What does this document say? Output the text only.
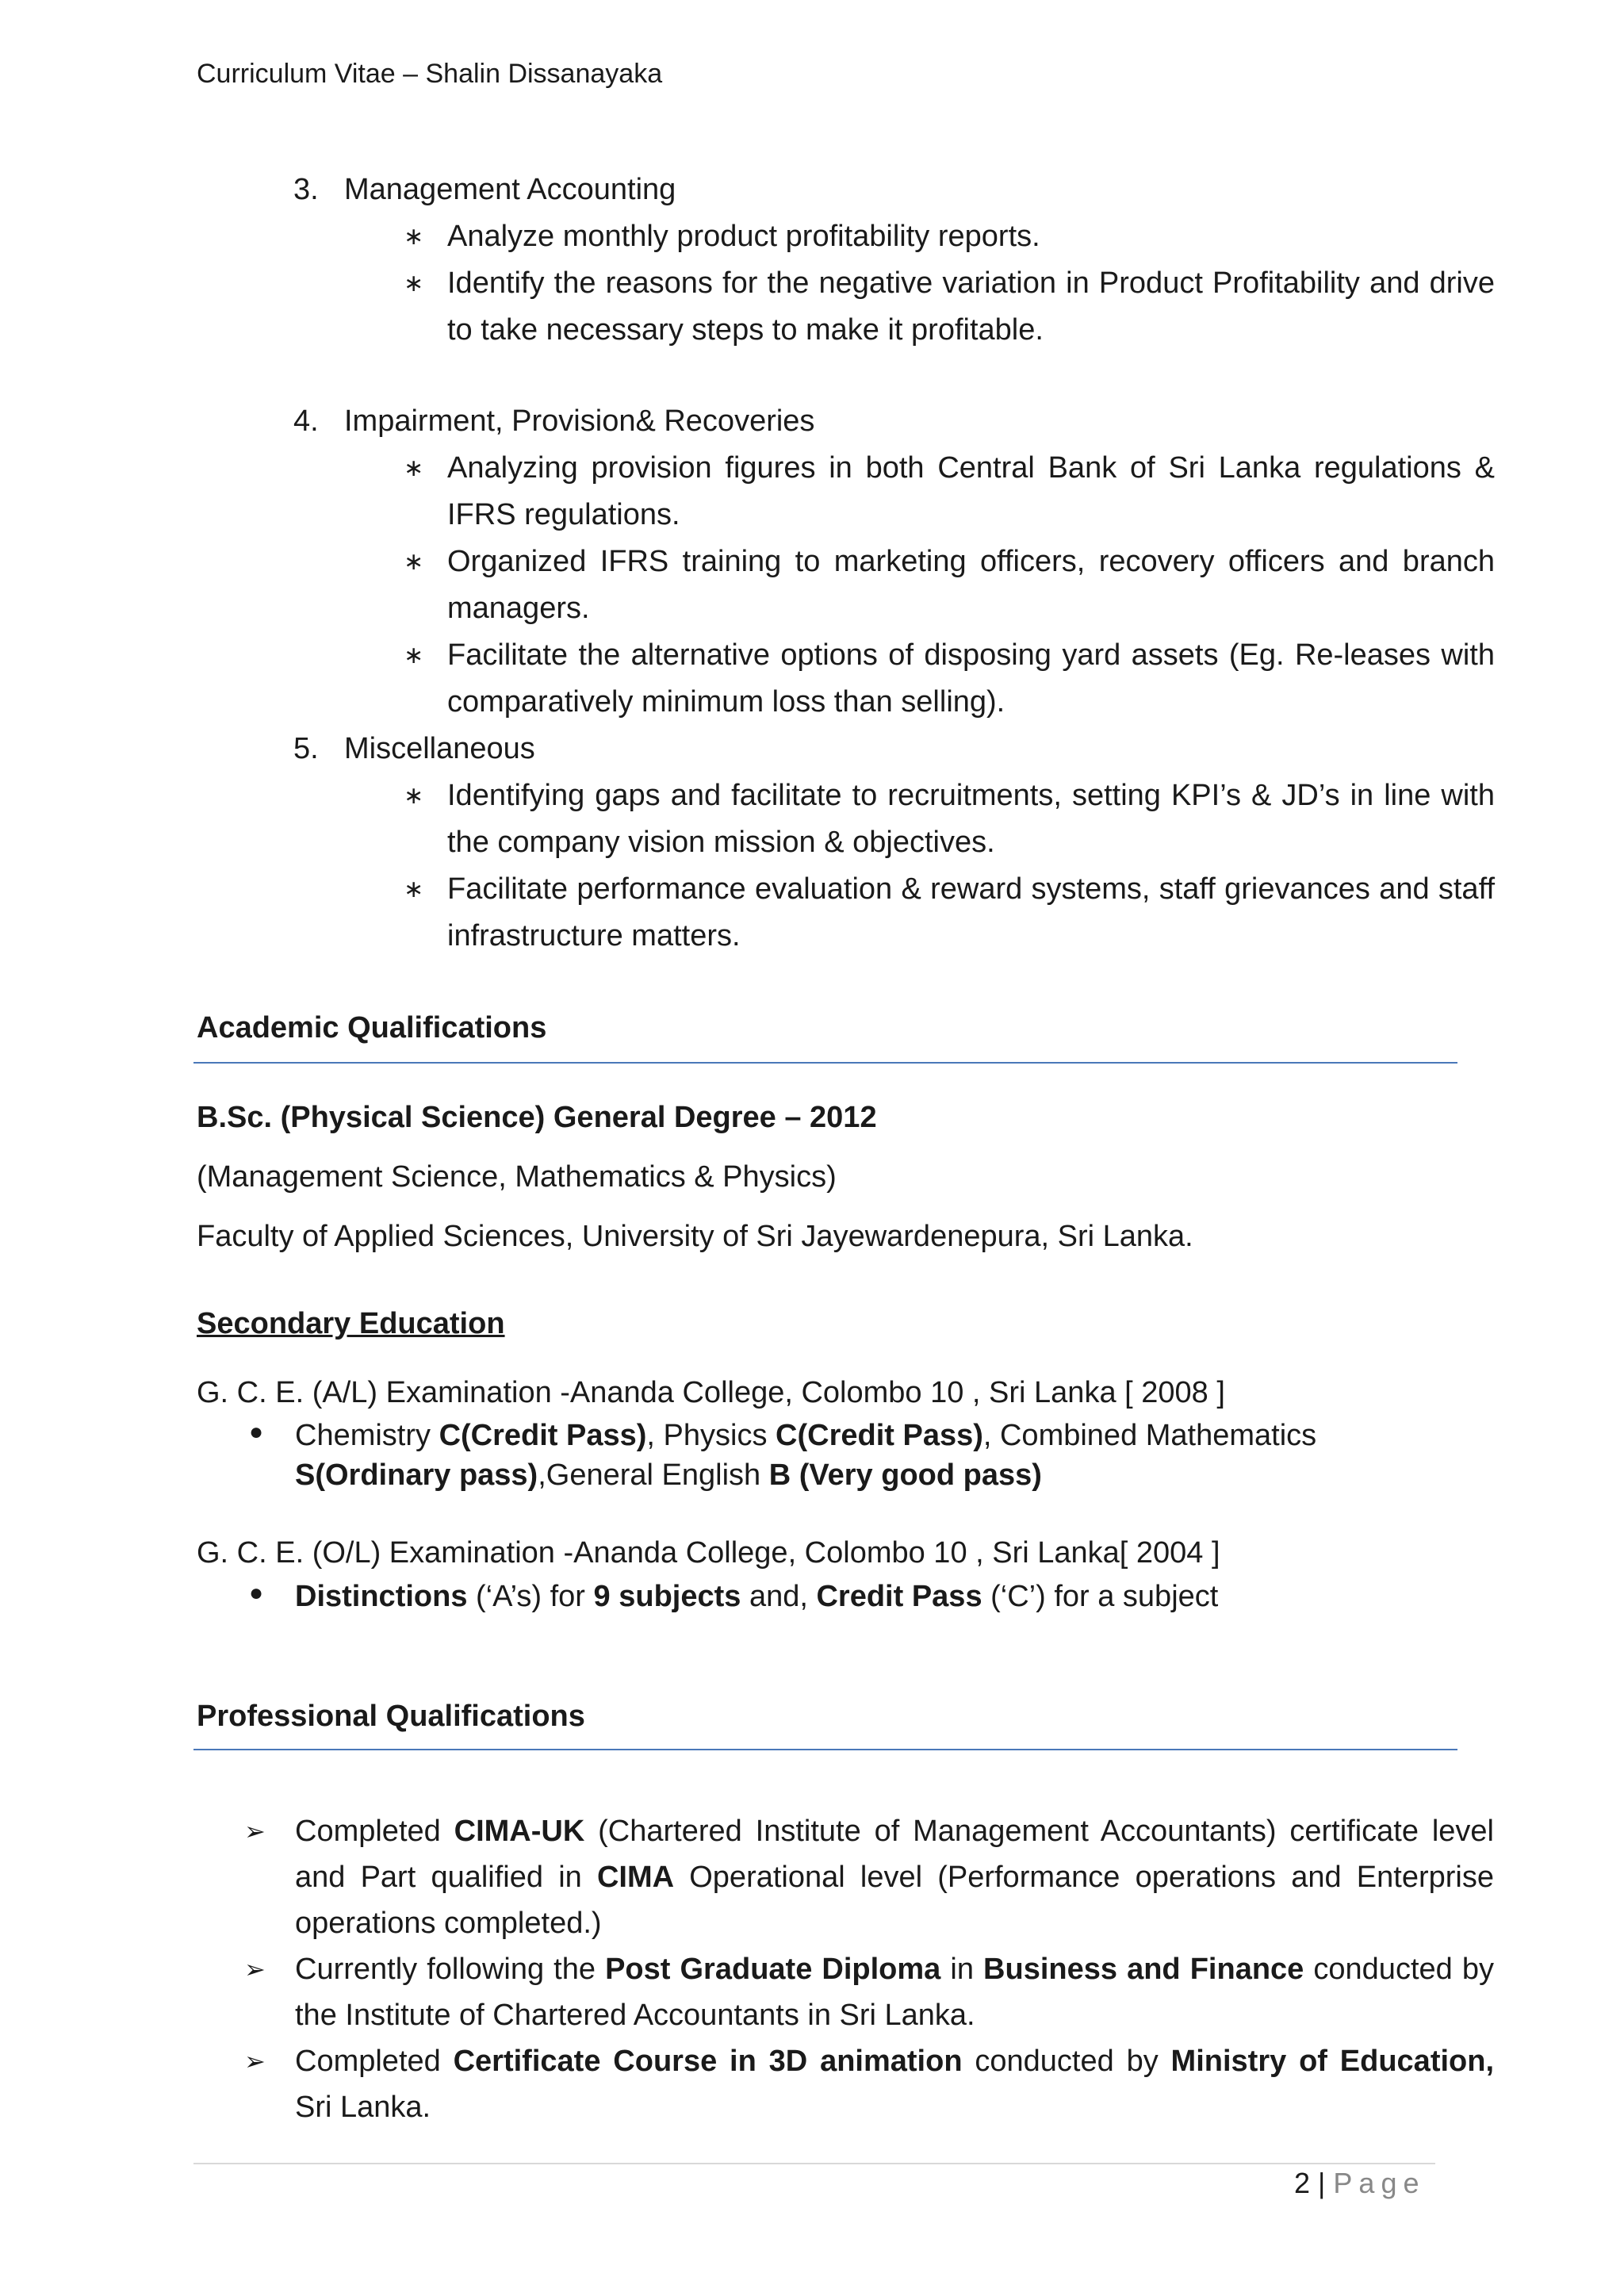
Curriculum Vitae – Shalin Dissanayaka
3. Management Accounting
∗ Analyze monthly product profitability reports.
∗ Identify the reasons for the negative variation in Product Profitability and drive to take necessary steps to make it profitable.
4. Impairment, Provision& Recoveries
∗ Analyzing provision figures in both Central Bank of Sri Lanka regulations & IFRS regulations.
∗ Organized IFRS training to marketing officers, recovery officers and branch managers.
∗ Facilitate the alternative options of disposing yard assets (Eg. Re-leases with comparatively minimum loss than selling).
5. Miscellaneous
∗ Identifying gaps and facilitate to recruitments, setting KPI’s & JD’s in line with the company vision mission & objectives.
∗ Facilitate performance evaluation & reward systems, staff grievances and staff infrastructure matters.
Academic Qualifications
B.Sc. (Physical Science) General Degree – 2012
(Management Science, Mathematics & Physics)
Faculty of Applied Sciences, University of Sri Jayewardenepura, Sri Lanka.
Secondary Education
G. C. E. (A/L) Examination -Ananda College, Colombo 10 , Sri Lanka [ 2008 ]
● Chemistry C(Credit Pass), Physics C(Credit Pass), Combined Mathematics S(Ordinary pass),General English B (Very good pass)
G. C. E. (O/L) Examination -Ananda College, Colombo 10 , Sri Lanka[ 2004 ]
● Distinctions (‘A’s) for 9 subjects and, Credit Pass (‘C’) for a subject
Professional Qualifications
➢ Completed CIMA-UK (Chartered Institute of Management Accountants) certificate level and Part qualified in CIMA Operational level (Performance operations and Enterprise operations completed.)
➢ Currently following the Post Graduate Diploma in Business and Finance conducted by the Institute of Chartered Accountants in Sri Lanka.
➢ Completed Certificate Course in 3D animation conducted by Ministry of Education, Sri Lanka.
2 | Page
